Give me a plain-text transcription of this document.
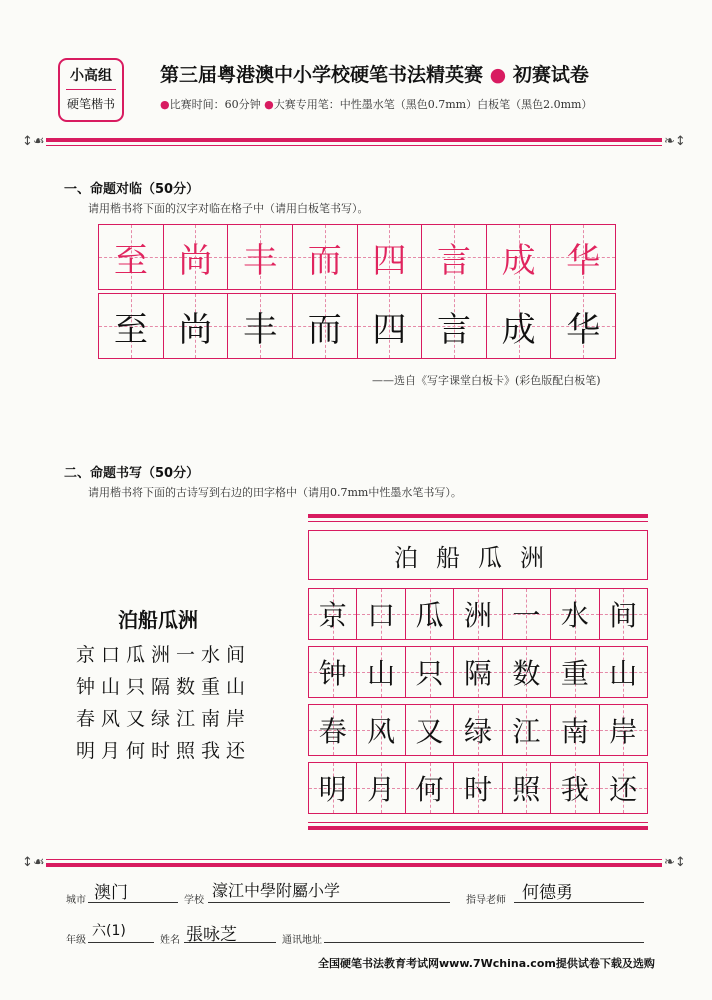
小高组
硬笔楷书
第三届粤港澳中小学校硬笔书法精英赛 ● 初赛试卷
●比赛时间：60分钟 ●大赛专用笔：中性墨水笔（黑色0.7mm）白板笔（黑色2.0mm）
↕☙	❧↕
一、命题对临（50分）
请用楷书将下面的汉字对临在格子中（请用白板笔书写）。
至 尚 丰 而 四 言 成 华
至 尚 丰 而 四 言 成 华
——选自《写字课堂白板卡》(彩色版配白板笔)
二、命题书写（50分）
请用楷书将下面的古诗写到右边的田字格中（请用0.7mm中性墨水笔书写）。
泊船瓜洲
京口瓜洲一水间
钟山只隔数重山
春风又绿江南岸
明月何时照我还
泊船瓜洲
京 口 瓜 洲 一 水 间
钟 山 只 隔 数 重 山
春 风 又 绿 江 南 岸
明 月 何 时 照 我 还
↕☙	❧↕
城市 澳门	学校
濠江中學附屬小学
指导老师 何德勇
年级
六(1)
姓名 張咏芝	通讯地址
全国硬笔书法教育考试网www.7Wchina.com提供试卷下载及选购
